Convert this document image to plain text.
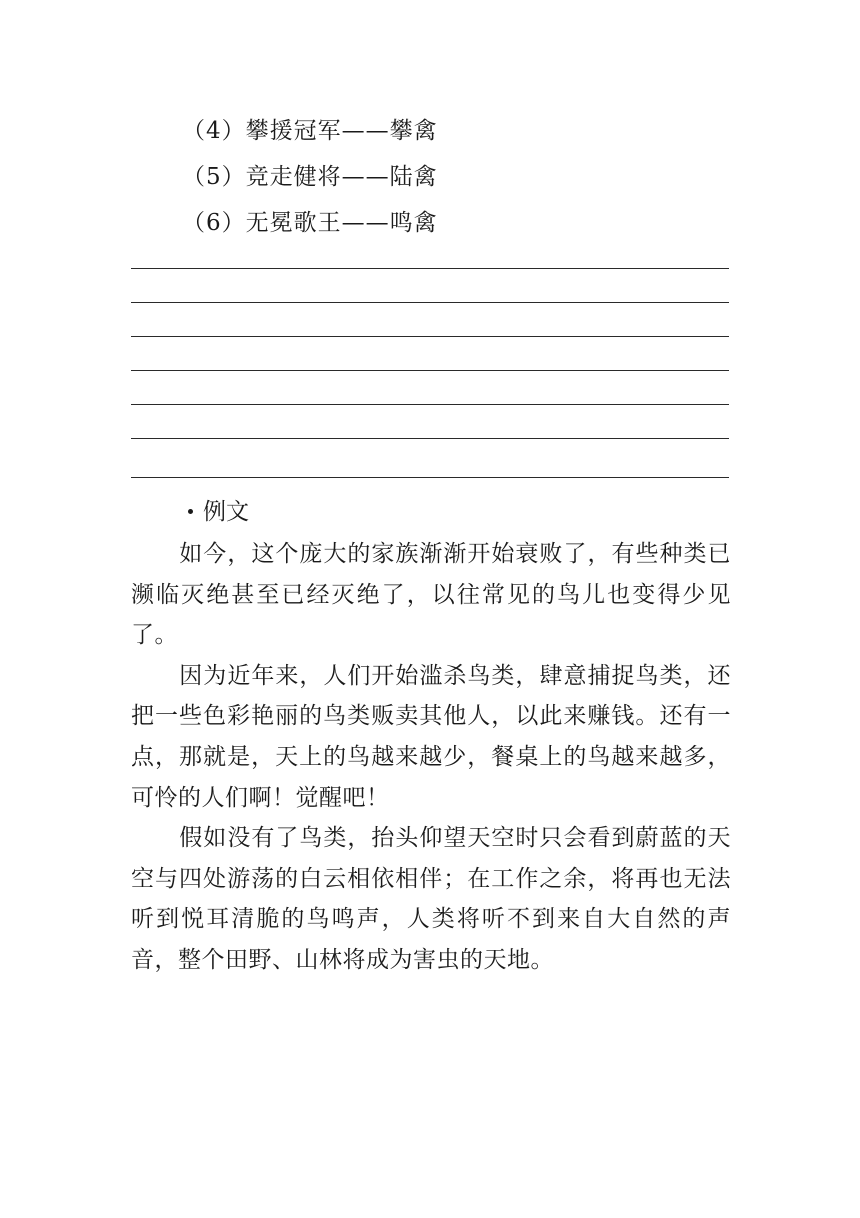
（4）攀援冠军——攀禽
（5）竞走健将——陆禽
（6）无冕歌王——鸣禽
例文

如今，这个庞大的家族渐渐开始衰败了，有些种类已濒临灭绝甚至已经灭绝了，以往常见的鸟儿也变得少见了。

因为近年来，人们开始滥杀鸟类，肆意捕捉鸟类，还把一些色彩艳丽的鸟类贩卖其他人，以此来赚钱。还有一点，那就是，天上的鸟越来越少，餐桌上的鸟越来越多，可怜的人们啊！觉醒吧！

假如没有了鸟类，抬头仰望天空时只会看到蔚蓝的天空与四处游荡的白云相依相伴；在工作之余，将再也无法听到悦耳清脆的鸟鸣声，人类将听不到来自大自然的声音，整个田野、山林将成为害虫的天地。
